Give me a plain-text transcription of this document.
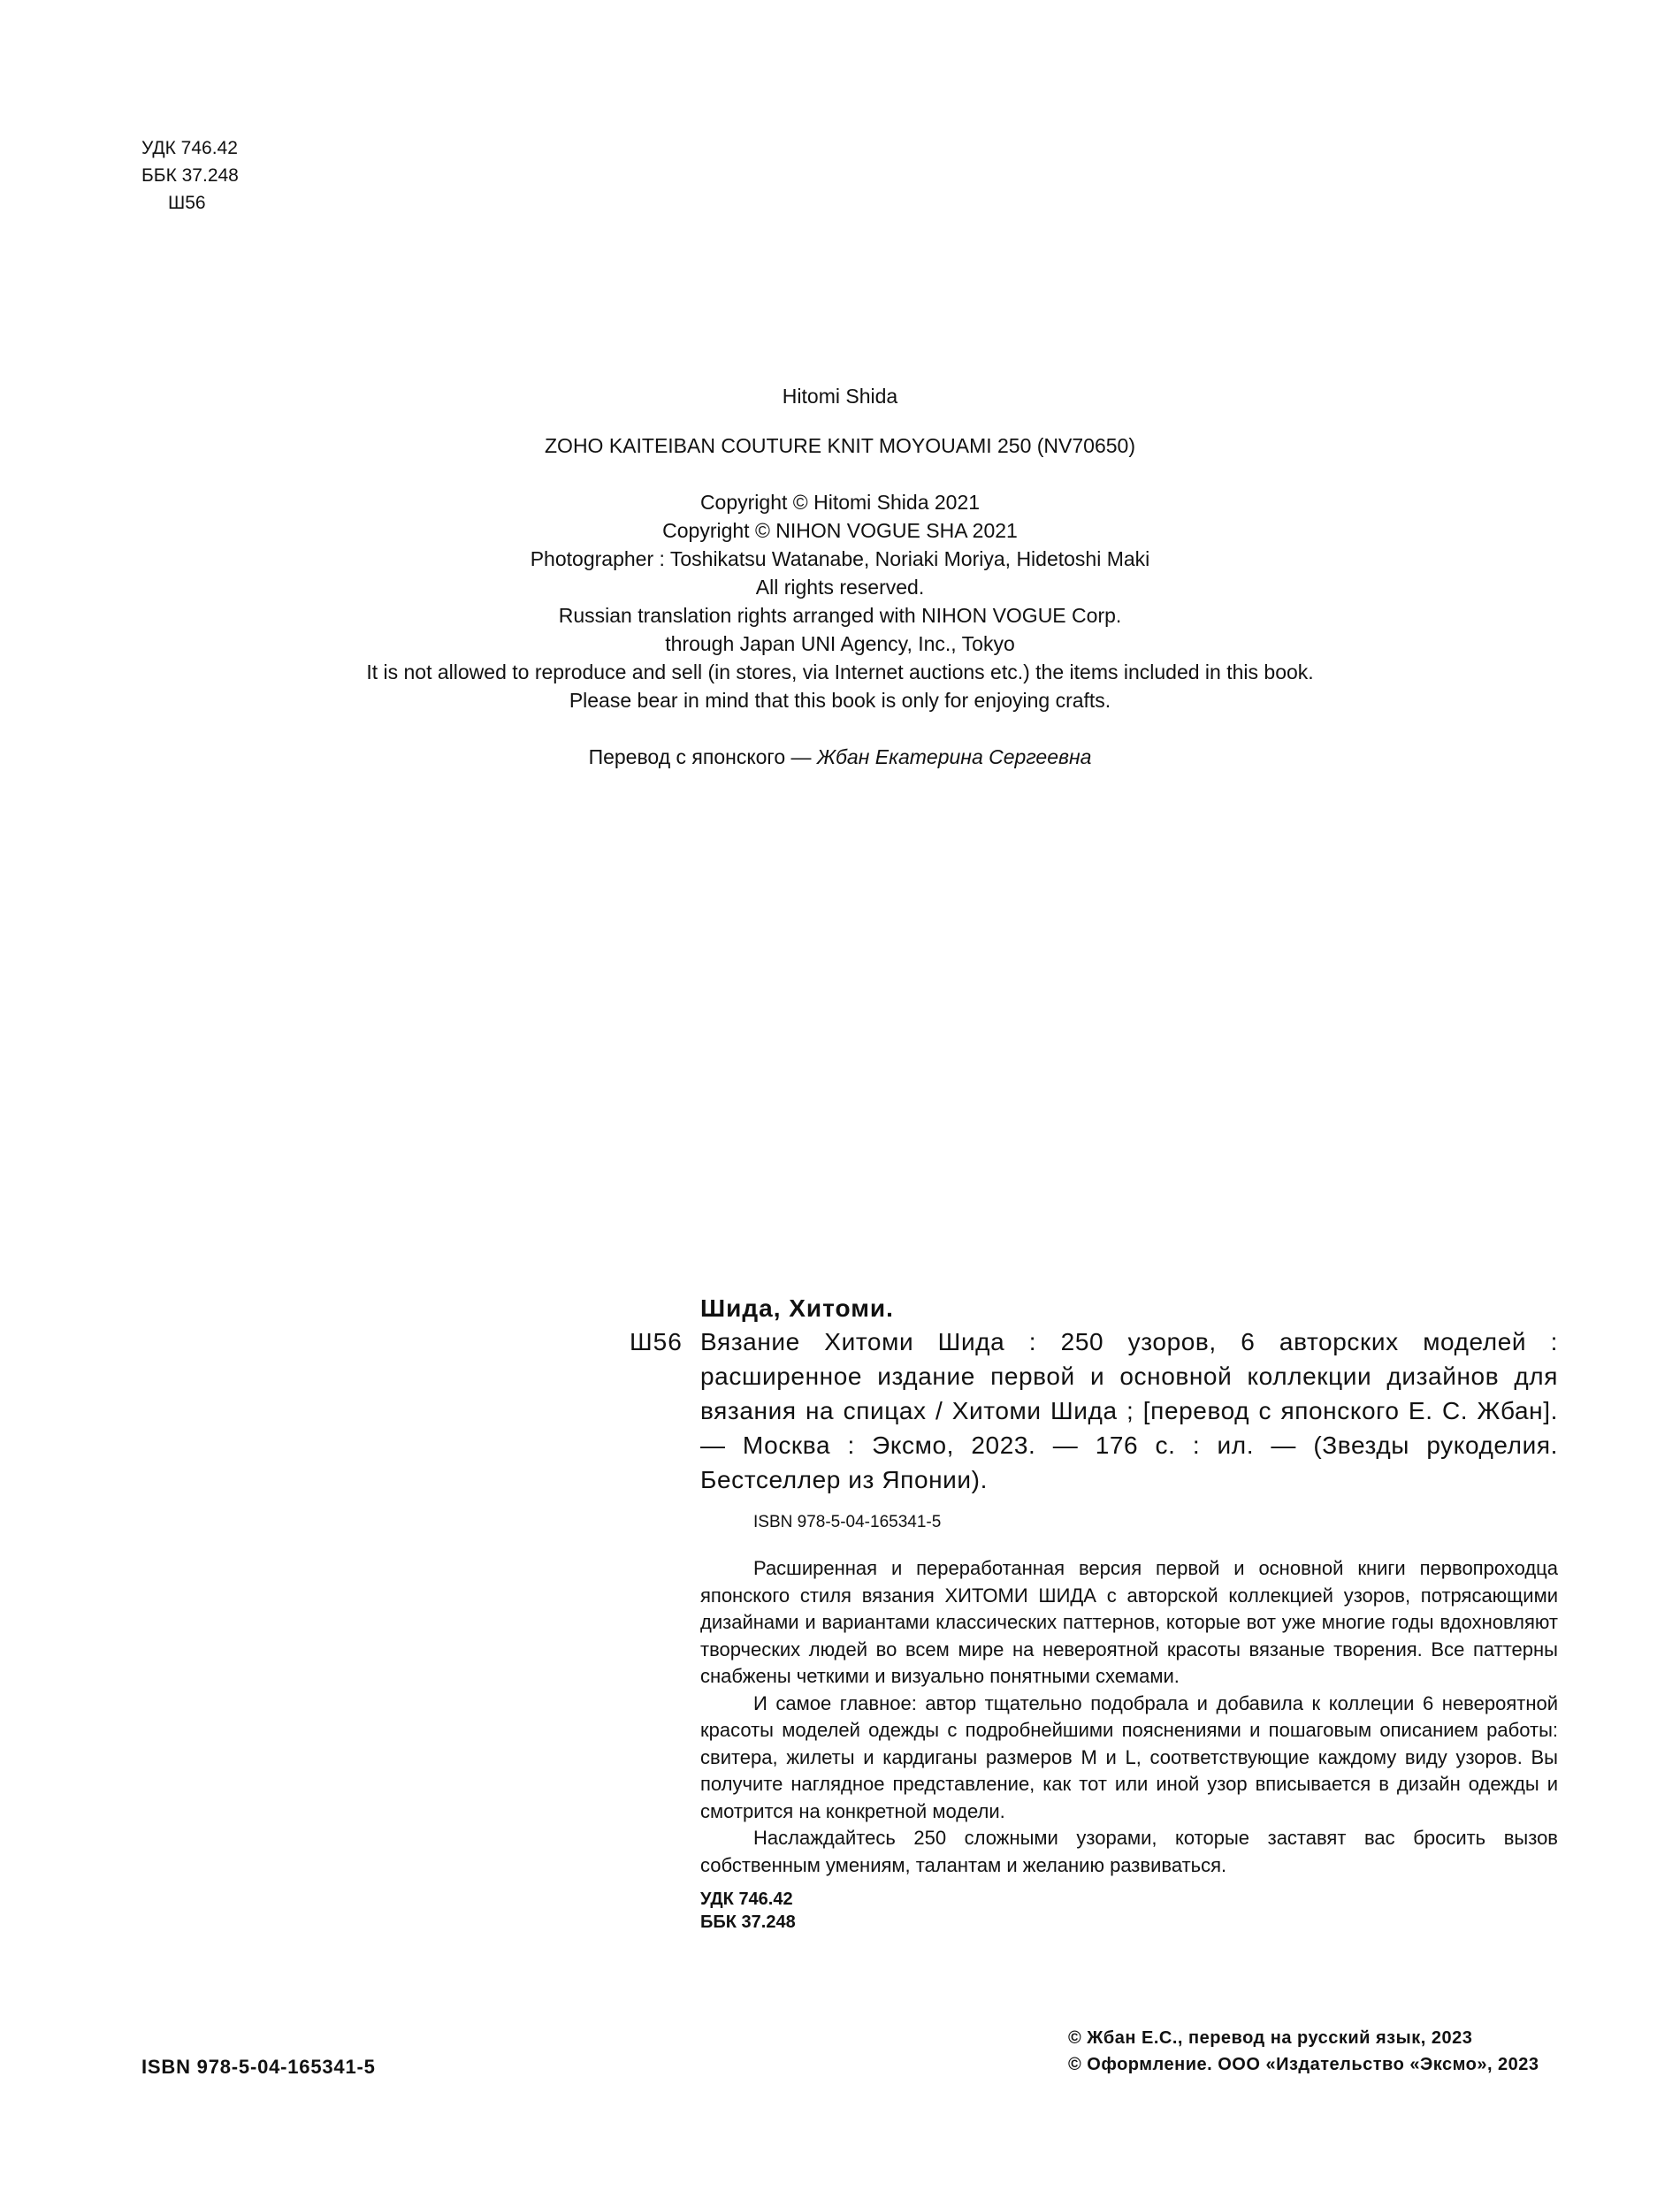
УДК 746.42
ББК 37.248
Ш56

Hitomi Shida

ZOHO KAITEIBAN COUTURE KNIT MOYOUAMI 250 (NV70650)

Copyright © Hitomi Shida 2021

Copyright © NIHON VOGUE SHA 2021

Photographer : Toshikatsu Watanabe, Noriaki Moriya, Hidetoshi Maki

All rights reserved.

Russian translation rights arranged with NIHON VOGUE Corp.

through Japan UNI Agency, Inc., Tokyo

It is not allowed to reproduce and sell (in stores, via Internet auctions etc.) the items included in this book.

Please bear in mind that this book is only for enjoying crafts.

Перевод с японского — Жбан Екатерина Сергеевна

Ш56
Шида, Хитоми.

Вязание Хитоми Шида : 250 узоров, 6 авторских моделей : расширенное издание первой и основной коллекции дизайнов для вязания на спицах / Хитоми Шида ; [перевод с японского Е. С. Жбан]. — Москва : Эксмо, 2023. — 176 с. : ил. — (Звезды рукоделия. Бестселлер из Японии).

ISBN 978-5-04-165341-5

Расширенная и переработанная версия первой и основной книги первопроходца японского стиля вязания ХИТОМИ ШИДА с авторской коллекцией узоров, потрясающими дизайнами и вариантами классических паттернов, которые вот уже многие годы вдохновляют творческих людей во всем мире на невероятной красоты вязаные творения. Все паттерны снабжены четкими и визуально понятными схемами.

И самое главное: автор тщательно подобрала и добавила к коллеции 6 невероятной красоты моделей одежды с подробнейшими пояснениями и пошаговым описанием работы: свитера, жилеты и кардиганы размеров M и L, соответствующие каждому виду узоров. Вы получите наглядное представление, как тот или иной узор вписывается в дизайн одежды и смотрится на конкретной модели.

Наслаждайтесь 250 сложными узорами, которые заставят вас бросить вызов собственным умениям, талантам и желанию развиваться.

УДК 746.42
ББК 37.248
ISBN 978-5-04-165341-5
© Жбан Е.С., перевод на русский язык, 2023
© Оформление. ООО «Издательство «Эксмо», 2023
